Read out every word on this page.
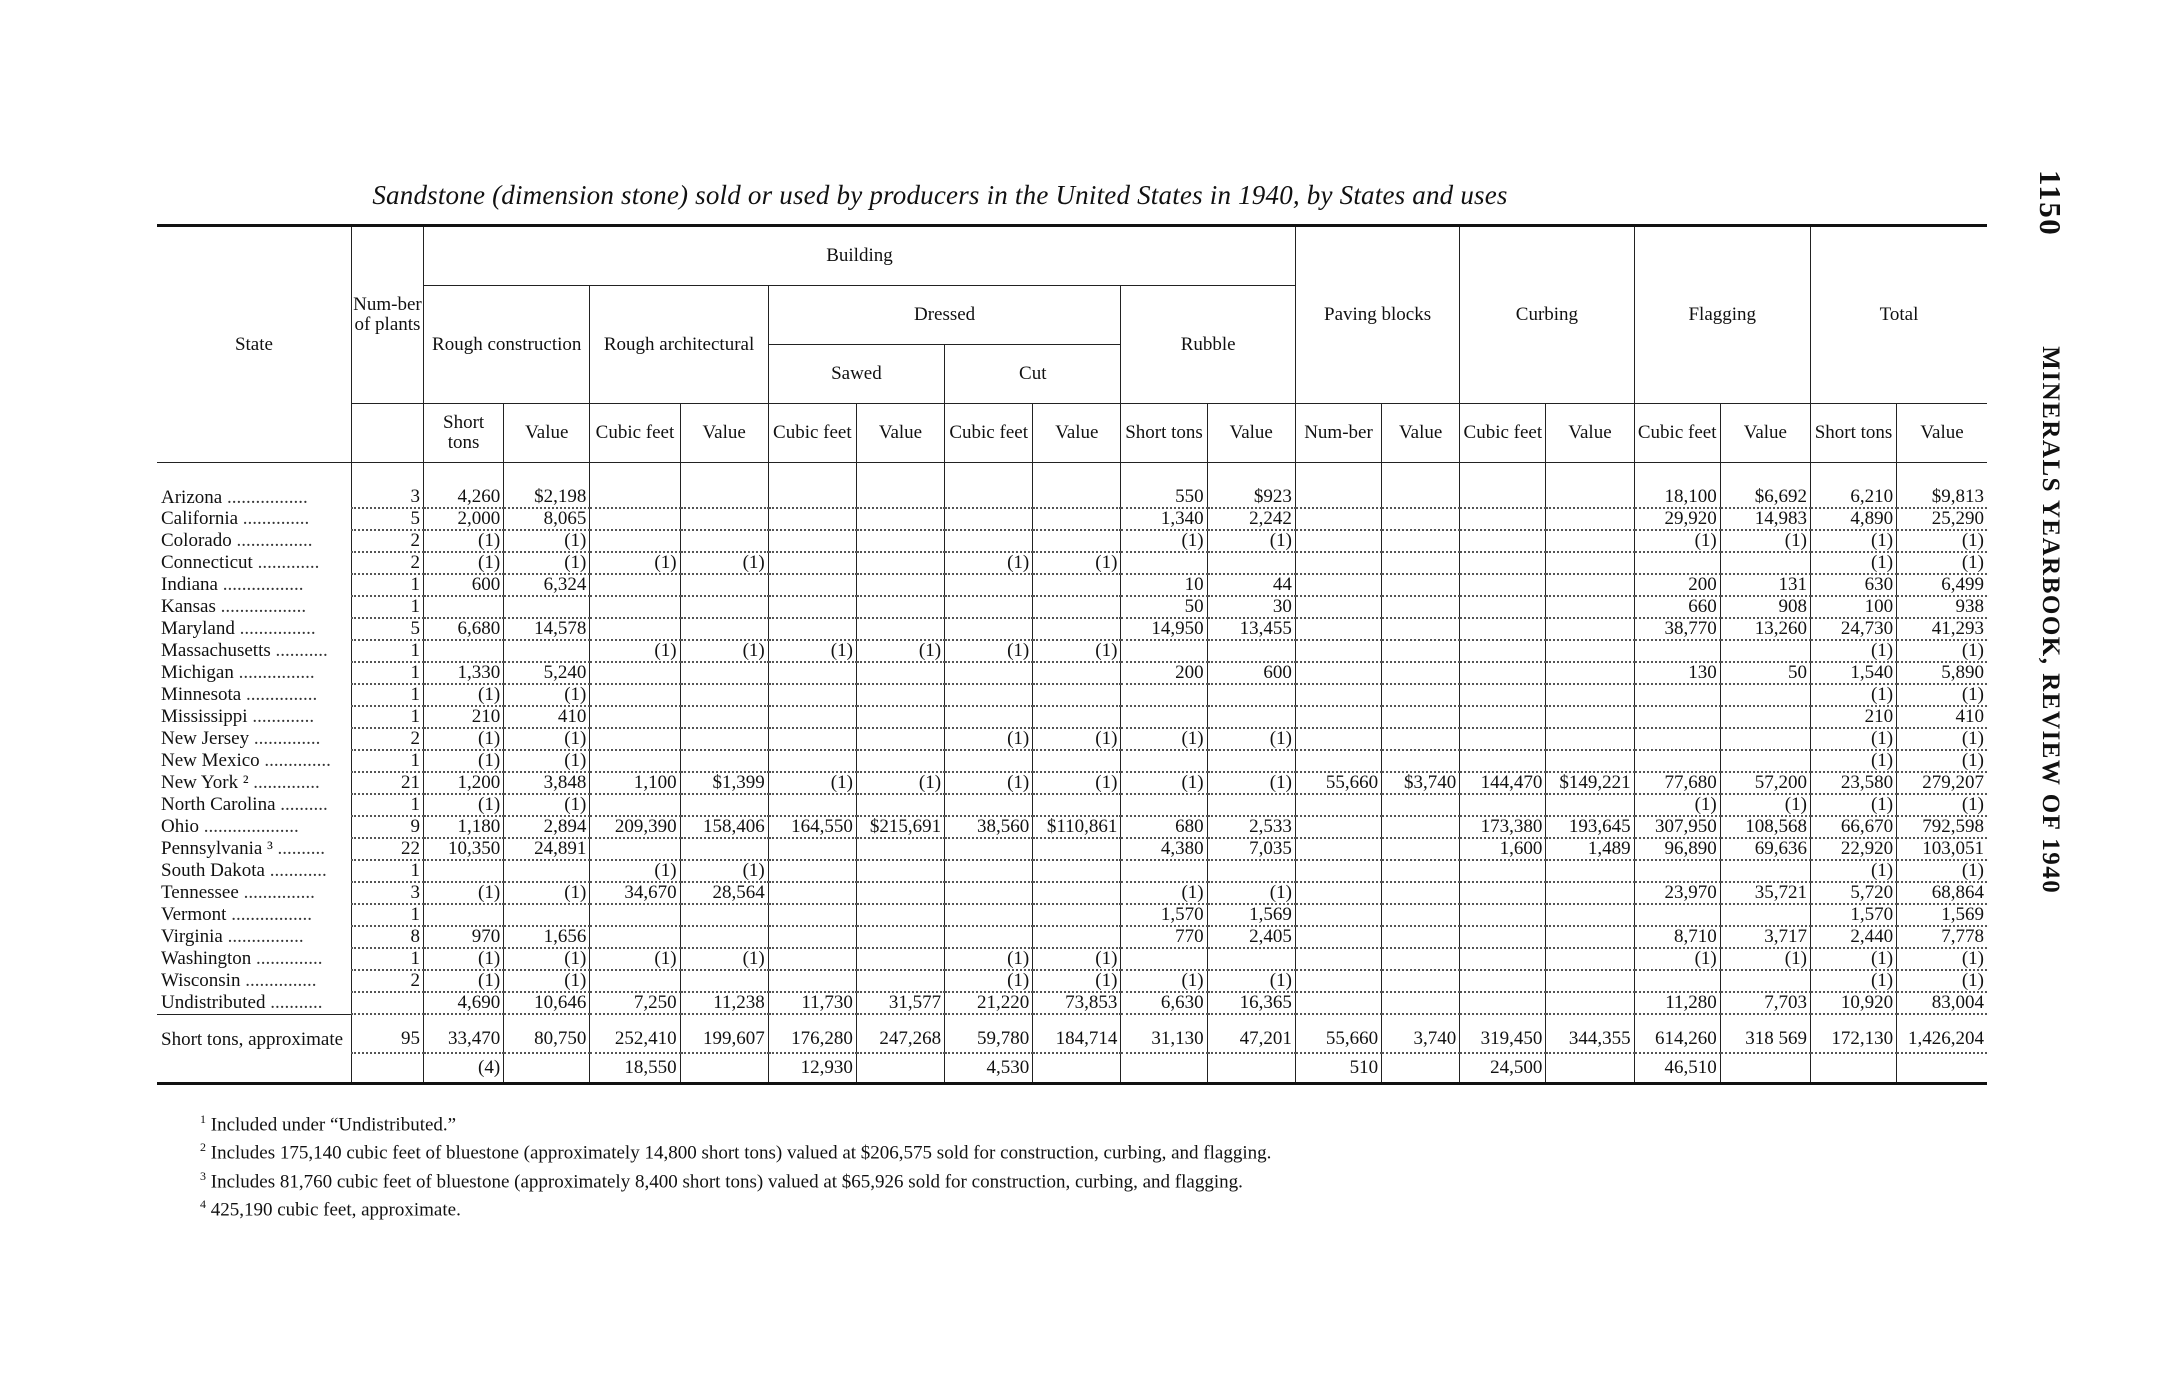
Sandstone (dimension stone) sold or used by producers in the United States in 1940, by States and uses	1150
MINERALS YEARBOOK, REVIEW OF 1940
State	Num-ber of plants	Building										Paving blocks		Curbing		Flagging		Total	
		Rough construction		Rough architectural		Dressed				Rubble									
						Sawed		Cut											
		Short tons	Value	Cubic feet	Value	Cubic feet	Value	Cubic feet	Value	Short tons	Value	Num-ber	Value	Cubic feet	Value	Cubic feet	Value	Short tons	Value
Arizona .................	3	4,260	$2,198							550	$923					18,100	$6,692	6,210	$9,813
California ..............	5	2,000	8,065							1,340	2,242					29,920	14,983	4,890	25,290
Colorado ................	2	(1)	(1)							(1)	(1)					(1)	(1)	(1)	(1)
Connecticut .............	2	(1)	(1)	(1)	(1)			(1)	(1)									(1)	(1)
Indiana .................	1	600	6,324							10	44					200	131	630	6,499
Kansas ..................	1									50	30					660	908	100	938
Maryland ................	5	6,680	14,578							14,950	13,455					38,770	13,260	24,730	41,293
Massachusetts ...........	1			(1)	(1)	(1)	(1)	(1)	(1)									(1)	(1)
Michigan ................	1	1,330	5,240							200	600					130	50	1,540	5,890
Minnesota ...............	1	(1)	(1)															(1)	(1)
Mississippi .............	1	210	410															210	410
New Jersey ..............	2	(1)	(1)					(1)	(1)	(1)	(1)							(1)	(1)
New Mexico ..............	1	(1)	(1)															(1)	(1)
New York ² ..............	21	1,200	3,848	1,100	$1,399	(1)	(1)	(1)	(1)	(1)	(1)	55,660	$3,740	144,470	$149,221	77,680	57,200	23,580	279,207
North Carolina ..........	1	(1)	(1)													(1)	(1)	(1)	(1)
Ohio ....................	9	1,180	2,894	209,390	158,406	164,550	$215,691	38,560	$110,861	680	2,533			173,380	193,645	307,950	108,568	66,670	792,598
Pennsylvania ³ ..........	22	10,350	24,891							4,380	7,035			1,600	1,489	96,890	69,636	22,920	103,051
South Dakota ............	1			(1)	(1)													(1)	(1)
Tennessee ...............	3	(1)	(1)	34,670	28,564					(1)	(1)					23,970	35,721	5,720	68,864
Vermont .................	1									1,570	1,569							1,570	1,569
Virginia ................	8	970	1,656							770	2,405					8,710	3,717	2,440	7,778
Washington ..............	1	(1)	(1)	(1)	(1)			(1)	(1)							(1)	(1)	(1)	(1)
Wisconsin ...............	2	(1)	(1)					(1)	(1)	(1)	(1)							(1)	(1)
Undistributed ...........		4,690	10,646	7,250	11,238	11,730	31,577	21,220	73,853	6,630	16,365					11,280	7,703	10,920	83,004
Short tons, approximate	95	33,470	80,750	252,410	199,607	176,280	247,268	59,780	184,714	31,130	47,201	55,660	3,740	319,450	344,355	614,260	318 569	172,130	1,426,204
		(4)		18,550		12,930		4,530				510		24,500		46,510			
$^1$ Included under “Undistributed.”
$^2$ Includes 175,140 cubic feet of bluestone (approximately 14,800 short tons) valued at $206,575 sold for construction, curbing, and flagging.
$^3$ Includes 81,760 cubic feet of bluestone (approximately 8,400 short tons) valued at $65,926 sold for construction, curbing, and flagging.
$^4$ 425,190 cubic feet, approximate.
